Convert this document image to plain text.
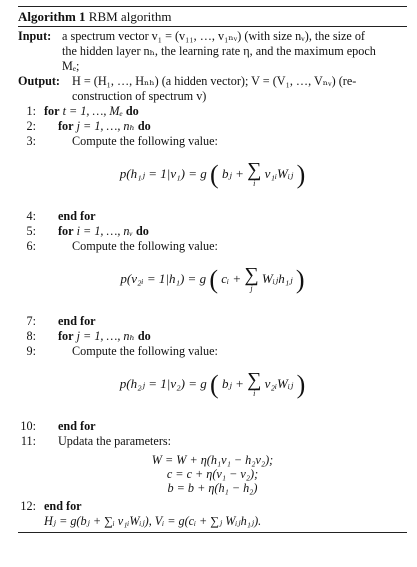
Algorithm 1 RBM algorithm
Input: a spectrum vector v₁ = (v₁₁, …, v₁ₙᵥ) (with size nᵥ), the size of
the hidden layer nₕ, the learning rate η, and the maximum epoch
Mₑ;
Output: H = (H₁, …, Hₙₕ) (a hidden vector); V = (V₁, …, Vₙᵥ) (re-
construction of spectrum v)
1: for t = 1, …, Mₑ do
2: for j = 1, …, nₕ do
3:	Compute the following value:
p(h₁ⱼ = 1|v₁) = g ( bⱼ + ∑
i
v₁ᵢWᵢⱼ )
4: end for
5: for i = 1, …, nᵥ do
6:	Compute the following value:
p(v₂ᵢ = 1|h₁) = g ( cᵢ + ∑
j
Wᵢⱼh₁ⱼ )
7: end for
8: for j = 1, …, nₕ do
9:	Compute the following value:
p(h₂ⱼ = 1|v₂) = g ( bⱼ + ∑
i
v₂ᵢWᵢⱼ )
10: end for
11: Updata the parameters:
W = W + η(h₁v₁ − h₂v₂);
c = c + η(v₁ − v₂);
b = b + η(h₁ − h₂)
12: end for
Hⱼ = g(bⱼ + ∑ᵢ v₁ᵢWᵢⱼ), Vᵢ = g(cᵢ + ∑ⱼ Wᵢⱼh₁ⱼ).
